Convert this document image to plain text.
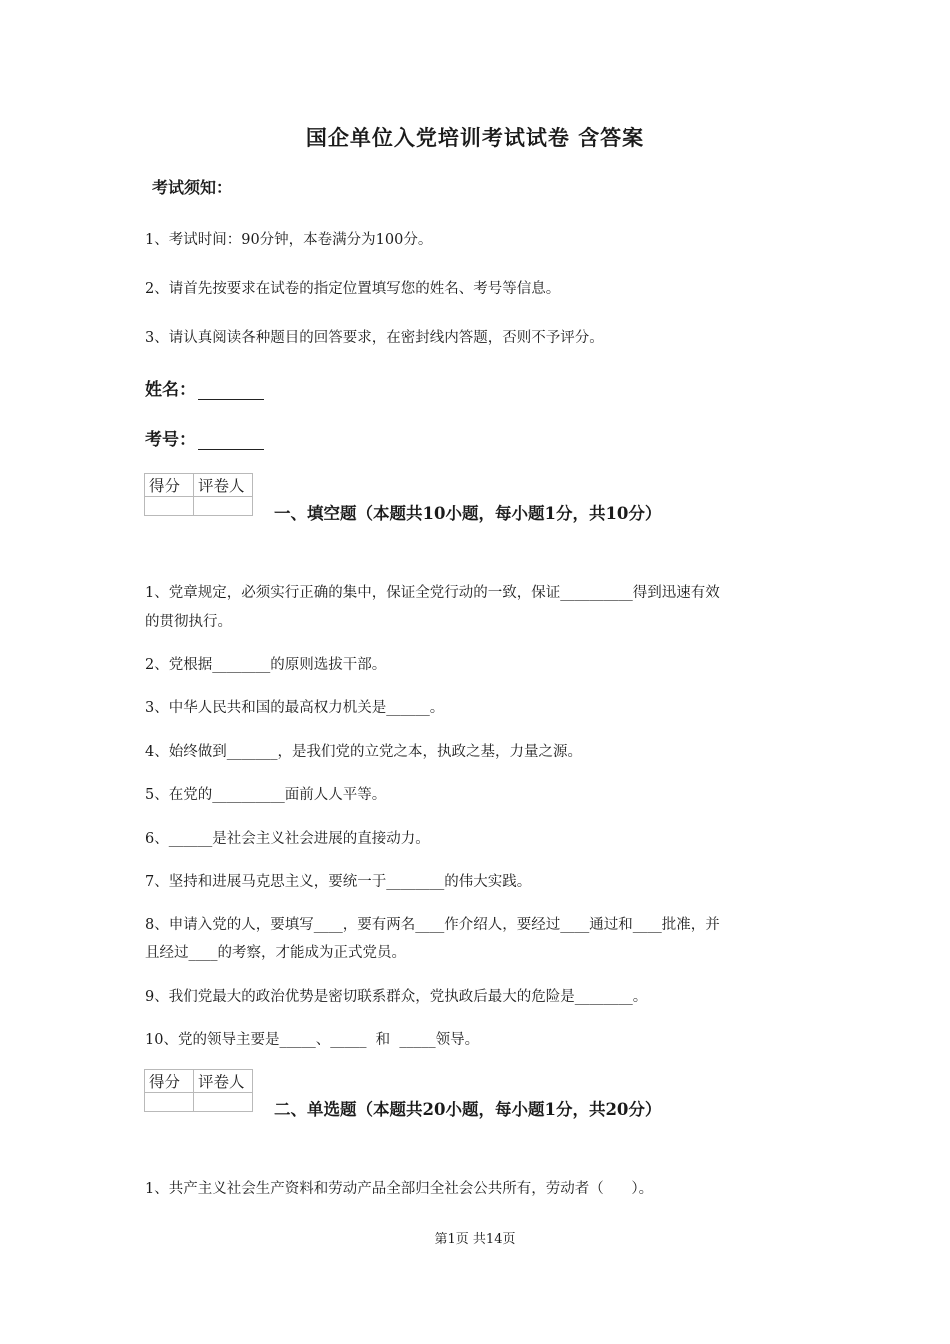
国企单位入党培训考试试卷 含答案
考试须知：
1、考试时间：90分钟，本卷满分为100分。
2、请首先按要求在试卷的指定位置填写您的姓名、考号等信息。
3、请认真阅读各种题目的回答要求，在密封线内答题，否则不予评分。
姓名：
考号：
得分	评卷人

一、填空题（本题共10小题，每小题1分，共10分）
1、党章规定，必须实行正确的集中，保证全党行动的一致，保证__________得到迅速有效
的贯彻执行。
2、党根据________的原则选拔干部。
3、中华人民共和国的最高权力机关是______。
4、始终做到_______，是我们党的立党之本，执政之基，力量之源。
5、在党的__________面前人人平等。
6、______是社会主义社会进展的直接动力。
7、坚持和进展马克思主义，要统一于________的伟大实践。
8、申请入党的人，要填写____，要有两名____作介绍人，要经过____通过和____批准，并
且经过____的考察，才能成为正式党员。
9、我们党最大的政治优势是密切联系群众，党执政后最大的危险是________。
10、党的领导主要是_____、_____  和  _____领导。
得分	评卷人

二、单选题（本题共20小题，每小题1分，共20分）
1、共产主义社会生产资料和劳动产品全部归全社会公共所有，劳动者（      ）。
第1页 共14页
